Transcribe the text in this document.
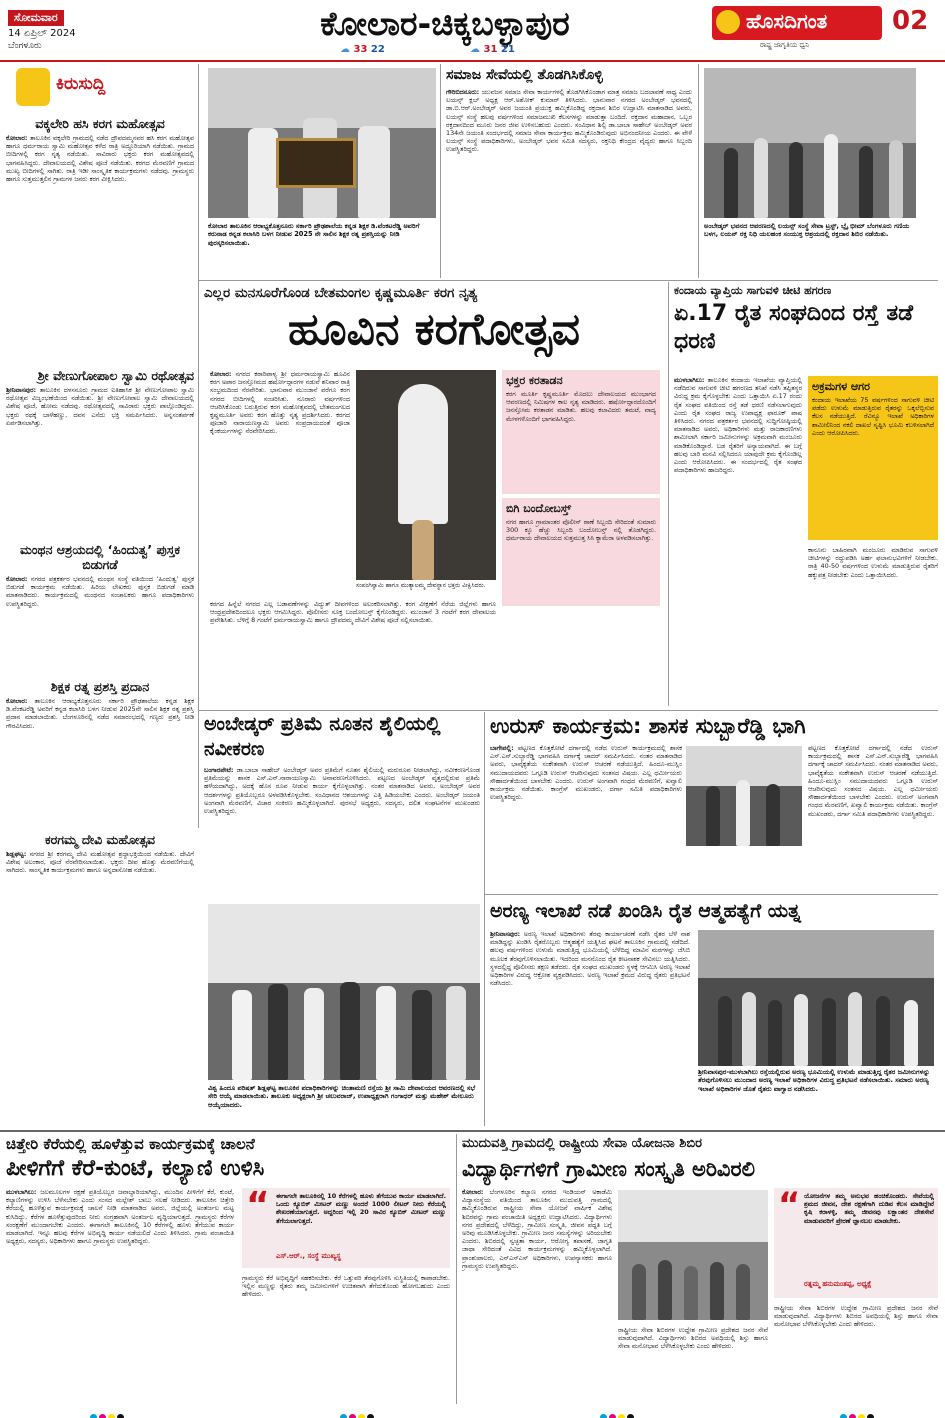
ಸೋಮವಾರ
14 ಏಪ್ರಿಲ್ 2024
ಬೆಂಗಳೂರು
ಕೋಲಾರ-ಚಿಕ್ಕಬಳ್ಳಾಪುರ
☁ 33 22	☁ 31 21
ಹೊಸದಿಗಂತ
ರಾಷ್ಟ್ರ ಜಾಗೃತಿಯ ಧ್ವನಿ
02
ಕಿರುಸುದ್ದಿ
ವಕ್ಕಲೇರಿ ಹಸಿ ಕರಗ ಮಹೋತ್ಸವ
ಕೋಲಾರ: ತಾಲೂಕಿನ ವಕ್ಕಲೇರಿ ಗ್ರಾಮದಲ್ಲಿ ನಡೆದ ದ್ರೌಪದಮ್ಮನವರ ಹಸಿ ಕರಗ ಮಹೋತ್ಸವ ಹಾಗೂ ಧರ್ಮರಾಯ ಸ್ವಾಮಿ ಮಹೋತ್ಸವ ಕಳೆದ ರಾತ್ರಿ ಅದ್ಧೂರಿಯಾಗಿ ನಡೆಯಿತು. ಗ್ರಾಮದ ಬೀದಿಗಳಲ್ಲಿ ಕರಗ ನೃತ್ಯ ನಡೆಯಿತು. ಸಾವಿರಾರು ಭಕ್ತರು ಕರಗ ಮಹೋತ್ಸವದಲ್ಲಿ ಭಾಗವಹಿಸಿದ್ದರು. ದೇವಾಲಯದಲ್ಲಿ ವಿಶೇಷ ಪೂಜೆ ನಡೆಯಿತು. ಕರಗದ ಮೆರವಣಿಗೆ ಗ್ರಾಮದ ಮುಖ್ಯ ಬೀದಿಗಳಲ್ಲಿ ಸಾಗಿತು. ರಾತ್ರಿ ಇಡೀ ಸಾಂಸ್ಕೃತಿಕ ಕಾರ್ಯಕ್ರಮಗಳು ನಡೆದವು. ಗ್ರಾಮಸ್ಥರು ಹಾಗೂ ಸುತ್ತಮುತ್ತಲಿನ ಗ್ರಾಮಗಳ ಜನರು ಕರಗ ವೀಕ್ಷಿಸಿದರು.
ಶ್ರೀ ವೇಣುಗೋಪಾಲ ಸ್ವಾಮಿ ರಥೋತ್ಸವ
ಶ್ರೀನಿವಾಸಪುರ: ತಾಲೂಕಿನ ದಳಸನೂರು ಗ್ರಾಮದ ಐತಿಹಾಸಿಕ ಶ್ರೀ ವೇಣುಗೋಪಾಲ ಸ್ವಾಮಿ ರಥೋತ್ಸವ ವಿಜೃಂಭಣೆಯಿಂದ ನಡೆಯಿತು. ಶ್ರೀ ವೇಣುಗೋಪಾಲ ಸ್ವಾಮಿ ದೇವಾಲಯದಲ್ಲಿ ವಿಶೇಷ ಪೂಜೆ, ಹೋಮ ನಡೆದವು. ರಥೋತ್ಸವದಲ್ಲಿ ಸಾವಿರಾರು ಭಕ್ತರು ಪಾಲ್ಗೊಂಡಿದ್ದರು. ಭಕ್ತರು ರಥಕ್ಕೆ ಬಾಳೆಹಣ್ಣು, ದವನ ಎಸೆದು ಭಕ್ತಿ ಸಮರ್ಪಿಸಿದರು. ಅನ್ನಸಂತರ್ಪಣೆ ಏರ್ಪಡಿಸಲಾಗಿತ್ತು.
ಮಂಥನ ಆಶ್ರಯದಲ್ಲಿ ‘ಹಿಂದುತ್ವ’ ಪುಸ್ತಕ ಬಿಡುಗಡೆ
ಕೋಲಾರ: ನಗರದ ಪತ್ರಕರ್ತರ ಭವನದಲ್ಲಿ ಮಂಥನ ಸಂಸ್ಥೆ ವತಿಯಿಂದ ‘ಹಿಂದುತ್ವ’ ಪುಸ್ತಕ ಬಿಡುಗಡೆ ಕಾರ್ಯಕ್ರಮ ನಡೆಯಿತು. ಹಿರಿಯ ಲೇಖಕರು ಪುಸ್ತಕ ಬಿಡುಗಡೆ ಮಾಡಿ ಮಾತನಾಡಿದರು. ಕಾರ್ಯಕ್ರಮದಲ್ಲಿ ಮಂಥನದ ಸಂಚಾಲಕರು ಹಾಗೂ ಪದಾಧಿಕಾರಿಗಳು ಉಪಸ್ಥಿತರಿದ್ದರು.
ಶಿಕ್ಷಕ ರತ್ನ ಪ್ರಶಸ್ತಿ ಪ್ರದಾನ
ಕೋಲಾರ: ತಾಲೂಕಿನ ಆರಾಭ್ಯಕೊತ್ತನೂರು ಸರ್ಕಾರಿ ಪ್ರೌಢಶಾಲೆಯ ಕನ್ನಡ ಶಿಕ್ಷಕ ಡಿ.ವೆಂಕಟರೆಡ್ಡಿ ಅವರಿಗೆ ಕನ್ನಡ ಕಲಾಸಿರಿ ಬಳಗ ನೀಡುವ 2025ನೇ ಸಾಲಿನ ಶಿಕ್ಷಕ ರತ್ನ ಪ್ರಶಸ್ತಿ ಪ್ರದಾನ ಮಾಡಲಾಯಿತು. ಬೆಂಗಳೂರಿನಲ್ಲಿ ನಡೆದ ಸಮಾರಂಭದಲ್ಲಿ ಗಣ್ಯರು ಪ್ರಶಸ್ತಿ ನೀಡಿ ಗೌರವಿಸಿದರು.
ಕರಗಮ್ಮ ದೇವಿ ಮಹೋತ್ಸವ
ಶಿಡ್ಲಘಟ್ಟ: ನಗರದ ಶ್ರೀ ಕರಗಮ್ಮ ದೇವಿ ಮಹೋತ್ಸವ ಶ್ರದ್ಧಾಭಕ್ತಿಯಿಂದ ನಡೆಯಿತು. ದೇವಿಗೆ ವಿಶೇಷ ಅಲಂಕಾರ, ಪೂಜೆ ನೆರವೇರಿಸಲಾಯಿತು. ಭಕ್ತರು ದೀಪ ಹೊತ್ತು ಮೆರವಣಿಗೆಯಲ್ಲಿ ಸಾಗಿದರು. ಸಾಂಸ್ಕೃತಿಕ ಕಾರ್ಯಕ್ರಮಗಳು ಹಾಗೂ ಅನ್ನದಾಸೋಹ ನಡೆಯಿತು.
ಕೋಲಾರ ತಾಲೂಕಿನ ಆರಾಭ್ಯಕೊತ್ತನೂರು ಸರ್ಕಾರಿ ಪ್ರೌಢಶಾಲೆಯ ಕನ್ನಡ ಶಿಕ್ಷಕ ಡಿ.ವೆಂಕಟರೆಡ್ಡಿ ಅವರಿಗೆ ಕರುನಾಡ ಕನ್ನಡ ಕಲಾಸಿರಿ ಬಳಗ ನೀಡುವ 2025 ನೇ ಸಾಲಿನ ಶಿಕ್ಷಕ ರತ್ನ ಪ್ರಶಸ್ತಿಯನ್ನು ನೀಡಿ ಪುರಸ್ಕರಿಸಲಾಯಿತು.
ಸಮಾಜ ಸೇವೆಯಲ್ಲಿ ತೊಡಗಿಸಿಕೊಳ್ಳಿ
ಗೌರಿಬಿದನೂರು: ಯುವಜನ ಸಮಾಜ ಸೇವಾ ಕಾರ್ಯಗಳಲ್ಲಿ ತೊಡಗಿಸಿಕೊಂಡಾಗ ಮಾತ್ರ ಸಮಾಜ ಬದಲಾವಣೆ ಸಾಧ್ಯ ಎಂದು ಲಯನ್ಸ್ ಕ್ಲಬ್ ಅಧ್ಯಕ್ಷ ಆರ್.ಅಶೋಕ್ ಕುಮಾರ್ ತಿಳಿಸಿದರು. ಭಾನುವಾರ ನಗರದ ಅಂಬೇಡ್ಕರ್ ಭವನದಲ್ಲಿ ಡಾ.ಬಿ.ಆರ್.ಅಂಬೇಡ್ಕರ್ ಅವರ ಜಯಂತಿ ಪ್ರಯುಕ್ತ ಹಮ್ಮಿಕೊಂಡಿದ್ದ ರಕ್ತದಾನ ಶಿಬಿರ ಉದ್ಘಾಟಿಸಿ ಮಾತನಾಡಿದ ಅವರು, ಲಯನ್ಸ್ ಸಂಸ್ಥೆ ಹಲವು ವರ್ಷಗಳಿಂದ ಸಮಾಜಮುಖಿ ಕೆಲಸಗಳನ್ನು ಮಾಡುತ್ತಾ ಬಂದಿದೆ. ರಕ್ತದಾನ ಮಹಾದಾನ, ಒಬ್ಬರ ರಕ್ತದಾನದಿಂದ ಮೂರು ಜನರ ಜೀವ ಉಳಿಸಬಹುದು ಎಂದರು. ಸಂವಿಧಾನ ಶಿಲ್ಪಿ ಡಾ.ಬಾಬಾ ಸಾಹೇಬ್ ಅಂಬೇಡ್ಕರ್ ಅವರ 134ನೇ ಜಯಂತಿ ಸಂದರ್ಭದಲ್ಲಿ ಸಮಾಜ ಸೇವಾ ಕಾರ್ಯಕ್ರಮ ಹಮ್ಮಿಕೊಂಡಿರುವುದು ಅಭಿನಂದನೀಯ ಎಂದರು. ಈ ವೇಳೆ ಲಯನ್ಸ್ ಸಂಸ್ಥೆ ಪದಾಧಿಕಾರಿಗಳು, ಅಂಬೇಡ್ಕರ್ ಭವನ ಸಮಿತಿ ಸದಸ್ಯರು, ರಕ್ತನಿಧಿ ಕೇಂದ್ರದ ವೈದ್ಯರು ಹಾಗೂ ಸಿಬ್ಬಂದಿ ಉಪಸ್ಥಿತರಿದ್ದರು.
ಅಂಬೇಡ್ಕರ್ ಭವನದ ಆವರಣದಲ್ಲಿ ಲಯನ್ಸ್ ಸಂಸ್ಥೆ ಸೇವಾ ಟ್ರಸ್ಟ್, ಬ್ಲೈ ಭೀಮ್ ಬೆಂಗಳೂರು ಗಣಿಯ ಬಳಗ, ಲಯನ್ ರಕ್ತ ನಿಧಿ ಯಲಹಂಕ ಸಂಯುಕ್ತ ಆಶ್ರಯದಲ್ಲಿ ರಕ್ತದಾನ ಶಿಬಿರ ನಡೆಯಿತು.
ಎಲ್ಲರ ಮನಸೂರೆಗೊಂಡ ಬೇತಮಂಗಲ ಕೃಷ್ಣಮೂರ್ತಿ ಕರಗ ನೃತ್ಯ
ಹೂವಿನ ಕರಗೋತ್ಸವ
ಕೋಲಾರ: ನಗರದ ಕಠಾರಿಪಾಳ್ಯ ಶ್ರೀ ಧರ್ಮರಾಯಸ್ವಾಮಿ ಹೂವಿನ ಕರಗ ಅಪಾರ ಜನಸ್ತೋಮದ ಹರ್ಷೋದ್ಗಾರಗಳ ನಡುವೆ ಶನಿವಾರ ರಾತ್ರಿ ಸಂಭ್ರಮದಿಂದ ನೆರವೇರಿತು. ಭಾನುವಾರ ಮುಂಜಾನೆ ವರೆಗೂ ಕರಗ ನಗರದ ಬೀದಿಗಳಲ್ಲಿ ಸಂಚರಿಸಿತು. ನೂರಾರು ವರ್ಷಗಳಿಂದ ಆಚರಿಸಿಕೊಂಡು ಬರುತ್ತಿರುವ ಕರಗ ಮಹೋತ್ಸವದಲ್ಲಿ ಬೇತಮಂಗಲದ ಕೃಷ್ಣಮೂರ್ತಿ ಅವರು ಕರಗ ಹೊತ್ತು ನೃತ್ಯ ಪ್ರದರ್ಶಿಸಿದರು. ಕರಗದ ಪೂಜಾರಿ ನಾರಾಯಣಸ್ವಾಮಿ ಅವರು ಸಂಪ್ರದಾಯದಂತೆ ಪೂಜಾ ಕೈಂಕರ್ಯಗಳನ್ನು ನೆರವೇರಿಸಿದರು.
ಸಂಪಂಗಿಸ್ವಾಮಿ ಹಾಗೂ ಮುತ್ಯಾಲಮ್ಮ ದೇವಸ್ಥಾನ ಭಕ್ತರು ವೀಕ್ಷಿಸಿದರು.
ಕರಗದ ಹಿನ್ನೆಲೆ ನಗರದ ಎಲ್ಲ ಬಡಾವಣೆಗಳನ್ನು ವಿದ್ಯುತ್ ದೀಪಗಳಿಂದ ಅಲಂಕರಿಸಲಾಗಿತ್ತು. ಕರಗ ವೀಕ್ಷಣೆಗೆ ನೆರೆಯ ಜಿಲ್ಲೆಗಳು ಹಾಗೂ ಆಂಧ್ರಪ್ರದೇಶದಿಂದಲೂ ಭಕ್ತರು ಆಗಮಿಸಿದ್ದರು. ಪೊಲೀಸರು ಸೂಕ್ತ ಬಂದೋಬಸ್ತ್ ಕೈಗೊಂಡಿದ್ದರು. ಮುಂಜಾನೆ 3 ಗಂಟೆಗೆ ಕರಗ ದೇವಾಲಯ ಪ್ರವೇಶಿಸಿತು. ಬೆಳಿಗ್ಗೆ 8 ಗಂಟೆಗೆ ಧರ್ಮರಾಯಸ್ವಾಮಿ ಹಾಗೂ ದ್ರೌಪದಮ್ಮ ದೇವಿಗೆ ವಿಶೇಷ ಪೂಜೆ ಸಲ್ಲಿಸಲಾಯಿತು.
ಭಕ್ತರ ಕರತಾಡನ
ಕರಗ ಮೂರ್ತಿ ಕೃಷ್ಣಮೂರ್ತಿ ಮೊದಲು ದೇವಾಲಯದ ಮುಂಭಾಗದ ಆವರಣದಲ್ಲಿ ನಿಮಿಷಗಳ ಕಾಲ ನೃತ್ಯ ಮಾಡಿದರು. ಹರ್ಷೋದ್ಗಾರದೊಂದಿಗೆ ಜನಸ್ತೋಮ ಕರತಾಡನ ಮಾಡಿತು. ಹಲವು ಕಲಾವಿದರು ತಮಟೆ, ವಾದ್ಯ ಮೇಳಗಳೊಂದಿಗೆ ಭಾಗವಹಿಸಿದ್ದರು.
ಬಿಗಿ ಬಂದೋಬಸ್ತ್
ನಗರ ಹಾಗೂ ಗ್ರಾಮಾಂತರ ಪೊಲೀಸ್ ಠಾಣೆ ಸಿಬ್ಬಂದಿ ಸೇರಿದಂತೆ ಸುಮಾರು 300 ಕ್ಕೂ ಹೆಚ್ಚು ಸಿಬ್ಬಂದಿ ಬಂದೋಬಸ್ತ್ ನಲ್ಲಿ ತೊಡಗಿದ್ದರು. ಧರ್ಮರಾಯ ದೇವಾಲಯದ ಸುತ್ತಮುತ್ತ ಸಿಸಿ ಕ್ಯಾಮೆರಾ ಅಳವಡಿಸಲಾಗಿತ್ತು.
ಕಂದಾಯ ವ್ಯಾಪ್ತಿಯ ಸಾಗುವಳಿ ಚೀಟಿ ಹಗರಣ
ಏ.17 ರೈತ ಸಂಘದಿಂದ ರಸ್ತೆ ತಡೆ ಧರಣಿ
ಮುಳಬಾಗಿಲು: ತಾಲೂಕಿನ ಕಂದಾಯ ಇಲಾಖೆಯ ವ್ಯಾಪ್ತಿಯಲ್ಲಿ ನಡೆದಿರುವ ಸಾಗುವಳಿ ಚೀಟಿ ಹಗರಣದ ತನಿಖೆ ನಡೆಸಿ ತಪ್ಪಿತಸ್ಥರ ವಿರುದ್ಧ ಕ್ರಮ ಕೈಗೊಳ್ಳಬೇಕು ಎಂದು ಒತ್ತಾಯಿಸಿ ಏ.17 ರಂದು ರೈತ ಸಂಘದ ವತಿಯಿಂದ ರಸ್ತೆ ತಡೆ ಧರಣಿ ನಡೆಸಲಾಗುವುದು ಎಂದು ರೈತ ಸಂಘದ ರಾಜ್ಯ ಉಪಾಧ್ಯಕ್ಷ ಫಾರೂಕ್ ಪಾಷ ತಿಳಿಸಿದರು. ನಗರದ ಪತ್ರಕರ್ತರ ಭವನದಲ್ಲಿ ಸುದ್ದಿಗೋಷ್ಠಿಯಲ್ಲಿ ಮಾತನಾಡಿದ ಅವರು, ಅಧಿಕಾರಿಗಳು ಮತ್ತು ರಾಜಕಾರಣಿಗಳು ಶಾಮೀಲಾಗಿ ಸರ್ಕಾರಿ ಜಮೀನುಗಳನ್ನು ಅಕ್ರಮವಾಗಿ ಮಂಜೂರು ಮಾಡಿಕೊಂಡಿದ್ದಾರೆ. ಬಡ ರೈತರಿಗೆ ಅನ್ಯಾಯವಾಗಿದೆ. ಈ ಬಗ್ಗೆ ಹಲವು ಬಾರಿ ಮನವಿ ಸಲ್ಲಿಸಿದರೂ ಯಾವುದೇ ಕ್ರಮ ಕೈಗೊಂಡಿಲ್ಲ ಎಂದು ಆರೋಪಿಸಿದರು. ಈ ಸಂದರ್ಭದಲ್ಲಿ ರೈತ ಸಂಘದ ಪದಾಧಿಕಾರಿಗಳು ಹಾಜರಿದ್ದರು.
ಅಕ್ರಮಗಳ ಆಗರ
ಕಂದಾಯ ಇಲಾಖೆಯ 75 ವರ್ಷಗಳಿಂದ ಸಾಗುವಳಿ ಚೀಟಿ ಪಡೆದು ಉಳುಮೆ ಮಾಡುತ್ತಿರುವ ರೈತರನ್ನು ಒಕ್ಕಲೆಬ್ಬಿಸುವ ಕೆಲಸ ನಡೆಯುತ್ತಿದೆ. ರೆವಿನ್ಯೂ ಇಲಾಖೆ ಅಧಿಕಾರಿಗಳ ಶಾಮೀಲಿನಿಂದ ನಕಲಿ ದಾಖಲೆ ಸೃಷ್ಟಿಸಿ ಭೂಮಿ ಕಬಳಿಸಲಾಗಿದೆ ಎಂದು ಆರೋಪಿಸಿದರು.
ಕಾನೂನು ಬಾಹಿರವಾಗಿ ಮಂಜೂರು ಮಾಡಿರುವ ಸಾಗುವಳಿ ಚೀಟಿಗಳನ್ನು ರದ್ದುಪಡಿಸಿ ಅರ್ಹ ಫಲಾನುಭವಿಗಳಿಗೆ ನೀಡಬೇಕು. ರಾತ್ರಿ 40-50 ವರ್ಷಗಳಿಂದ ಉಳುಮೆ ಮಾಡುತ್ತಿರುವ ರೈತರಿಗೆ ಹಕ್ಕುಪತ್ರ ನೀಡಬೇಕು ಎಂದು ಒತ್ತಾಯಿಸಿದರು.
ಅಂಬೇಡ್ಕರ್ ಪ್ರತಿಮೆ ನೂತನ ಶೈಲಿಯಲ್ಲಿ ನವೀಕರಣ
ಬಂಗಾರಪೇಟೆ: ಡಾ.ಬಾಬಾ ಸಾಹೇಬ್ ಅಂಬೇಡ್ಕರ್ ಅವರ ಪ್ರತಿಮೆಗೆ ನೂತನ ಶೈಲಿಯಲ್ಲಿ ಮರುರೂಪ ನೀಡಲಾಗಿದ್ದು, ನವೀಕರಣಗೊಂಡ ಪ್ರತಿಮೆಯನ್ನು ಶಾಸಕ ಎಸ್.ಎನ್.ನಾರಾಯಣಸ್ವಾಮಿ ಅನಾವರಣಗೊಳಿಸಿದರು. ಪಟ್ಟಣದ ಅಂಬೇಡ್ಕರ್ ವೃತ್ತದಲ್ಲಿರುವ ಪ್ರತಿಮೆ ಹಳೆಯದಾಗಿದ್ದು, ಅದಕ್ಕೆ ಹೊಸ ರೂಪ ನೀಡುವ ಕಾರ್ಯ ಕೈಗೊಳ್ಳಲಾಗಿತ್ತು. ನಂತರ ಮಾತನಾಡಿದ ಅವರು, ಅಂಬೇಡ್ಕರ್ ಅವರ ಆದರ್ಶಗಳನ್ನು ಪ್ರತಿಯೊಬ್ಬರೂ ಅಳವಡಿಸಿಕೊಳ್ಳಬೇಕು. ಸಂವಿಧಾನದ ಆಶಯಗಳನ್ನು ಎತ್ತಿ ಹಿಡಿಯಬೇಕು ಎಂದರು. ಅಂಬೇಡ್ಕರ್ ಜಯಂತಿ ಅಂಗವಾಗಿ ಮೆರವಣಿಗೆ, ವಿಚಾರ ಸಂಕಿರಣ ಹಮ್ಮಿಕೊಳ್ಳಲಾಗಿದೆ. ಪುರಸಭೆ ಅಧ್ಯಕ್ಷರು, ಸದಸ್ಯರು, ದಲಿತ ಸಂಘಟನೆಗಳ ಮುಖಂಡರು ಉಪಸ್ಥಿತರಿದ್ದರು.
ವಿಶ್ವ ಹಿಂದೂ ಪರಿಷತ್ ಶಿಡ್ಲಘಟ್ಟ ತಾಲೂಕಿನ ಪದಾಧಿಕಾರಿಗಳನ್ನು ಚಿಂತಾಮಣಿ ರಸ್ತೆಯ ಶ್ರೀ ಸಾಮಿ ದೇವಾಲಯದ ಆವರಣದಲ್ಲಿ ಸಭೆ ಸೇರಿ ಆಯ್ಕೆ ಮಾಡಲಾಯಿತು. ತಾಲೂಕು ಅಧ್ಯಕ್ಷರಾಗಿ ಶ್ರೀ ಚಲುವರಾಜ್, ಉಪಾಧ್ಯಕ್ಷರಾಗಿ ಗಂಗಾಧರ್ ಮತ್ತು ಮಹೇಶ್ ಮೇಲೂರು ಆಯ್ಕೆಯಾದರು.
ಉರುಸ್ ಕಾರ್ಯಕ್ರಮ: ಶಾಸಕ ಸುಬ್ಬಾರೆಡ್ಡಿ ಭಾಗಿ
ಬಾಗೇಪಲ್ಲಿ: ಪಟ್ಟಣದ ಕೊತ್ತಕೋಟೆ ದರ್ಗಾದಲ್ಲಿ ನಡೆದ ಉರುಸ್ ಕಾರ್ಯಕ್ರಮದಲ್ಲಿ ಶಾಸಕ ಎಸ್.ಎನ್.ಸುಬ್ಬಾರೆಡ್ಡಿ ಭಾಗವಹಿಸಿ ದರ್ಗಾಕ್ಕೆ ಚಾದರ್ ಸಮರ್ಪಿಸಿದರು. ನಂತರ ಮಾತನಾಡಿದ ಅವರು, ಭಾವೈಕ್ಯತೆಯ ಸಂಕೇತವಾಗಿ ಉರುಸ್ ಆಚರಣೆ ನಡೆಯುತ್ತಿದೆ. ಹಿಂದೂ-ಮುಸ್ಲಿಂ ಸಮುದಾಯದವರು ಒಗ್ಗೂಡಿ ಉರುಸ್ ಆಚರಿಸುವುದು ಸಂತಸದ ವಿಷಯ. ಎಲ್ಲ ಧರ್ಮೀಯರು ಸೌಹಾರ್ದತೆಯಿಂದ ಬಾಳಬೇಕು ಎಂದರು. ಉರುಸ್ ಅಂಗವಾಗಿ ಗಂಧದ ಮೆರವಣಿಗೆ, ಖವ್ವಾಲಿ ಕಾರ್ಯಕ್ರಮ ನಡೆಯಿತು. ಕಾಂಗ್ರೆಸ್ ಮುಖಂಡರು, ದರ್ಗಾ ಸಮಿತಿ ಪದಾಧಿಕಾರಿಗಳು ಉಪಸ್ಥಿತರಿದ್ದರು.
ಪಟ್ಟಣದ ಕೊತ್ತಕೋಟೆ ದರ್ಗಾದಲ್ಲಿ ನಡೆದ ಉರುಸ್ ಕಾರ್ಯಕ್ರಮದಲ್ಲಿ ಶಾಸಕ ಎಸ್.ಎನ್.ಸುಬ್ಬಾರೆಡ್ಡಿ ಭಾಗವಹಿಸಿ ದರ್ಗಾಕ್ಕೆ ಚಾದರ್ ಸಮರ್ಪಿಸಿದರು. ನಂತರ ಮಾತನಾಡಿದ ಅವರು, ಭಾವೈಕ್ಯತೆಯ ಸಂಕೇತವಾಗಿ ಉರುಸ್ ಆಚರಣೆ ನಡೆಯುತ್ತಿದೆ. ಹಿಂದೂ-ಮುಸ್ಲಿಂ ಸಮುದಾಯದವರು ಒಗ್ಗೂಡಿ ಉರುಸ್ ಆಚರಿಸುವುದು ಸಂತಸದ ವಿಷಯ. ಎಲ್ಲ ಧರ್ಮೀಯರು ಸೌಹಾರ್ದತೆಯಿಂದ ಬಾಳಬೇಕು ಎಂದರು. ಉರುಸ್ ಅಂಗವಾಗಿ ಗಂಧದ ಮೆರವಣಿಗೆ, ಖವ್ವಾಲಿ ಕಾರ್ಯಕ್ರಮ ನಡೆಯಿತು. ಕಾಂಗ್ರೆಸ್ ಮುಖಂಡರು, ದರ್ಗಾ ಸಮಿತಿ ಪದಾಧಿಕಾರಿಗಳು ಉಪಸ್ಥಿತರಿದ್ದರು.
ಅರಣ್ಯ ಇಲಾಖೆ ನಡೆ ಖಂಡಿಸಿ ರೈತ ಆತ್ಮಹತ್ಯೆಗೆ ಯತ್ನ
ಶ್ರೀನಿವಾಸಪುರ: ಅರಣ್ಯ ಇಲಾಖೆ ಅಧಿಕಾರಿಗಳು ತೆರವು ಕಾರ್ಯಾಚರಣೆ ನಡೆಸಿ ರೈತರ ಬೆಳೆ ನಾಶ ಮಾಡಿದ್ದನ್ನು ಖಂಡಿಸಿ ರೈತರೊಬ್ಬರು ಆತ್ಮಹತ್ಯೆಗೆ ಯತ್ನಿಸಿದ ಘಟನೆ ತಾಲೂಕಿನ ಗ್ರಾಮದಲ್ಲಿ ನಡೆದಿದೆ. ಹಲವು ವರ್ಷಗಳಿಂದ ಉಳುಮೆ ಮಾಡುತ್ತಿದ್ದ ಭೂಮಿಯಲ್ಲಿ ಬೆಳೆದಿದ್ದ ಮಾವಿನ ಮರಗಳನ್ನು ಜೆಸಿಬಿ ಮೂಲಕ ತೆರವುಗೊಳಿಸಲಾಯಿತು. ಇದರಿಂದ ಮನನೊಂದ ರೈತ ಕೀಟನಾಶಕ ಸೇವಿಸಲು ಯತ್ನಿಸಿದರು. ಸ್ಥಳದಲ್ಲಿದ್ದ ಪೊಲೀಸರು ತಕ್ಷಣ ತಡೆದರು. ರೈತ ಸಂಘದ ಮುಖಂಡರು ಸ್ಥಳಕ್ಕೆ ಆಗಮಿಸಿ ಅರಣ್ಯ ಇಲಾಖೆ ಅಧಿಕಾರಿಗಳ ವಿರುದ್ಧ ಆಕ್ರೋಶ ವ್ಯಕ್ತಪಡಿಸಿದರು. ಅರಣ್ಯ ಇಲಾಖೆ ಕ್ರಮದ ವಿರುದ್ಧ ರೈತರು ಪ್ರತಿಭಟನೆ ನಡೆಸಿದರು.
ಶ್ರೀನಿವಾಸಪುರ-ಮುಳಬಾಗಿಲು ರಸ್ತೆಯಲ್ಲಿರುವ ಅರಣ್ಯ ಭೂಮಿಯಲ್ಲಿ ಉಳುಮೆ ಮಾಡುತ್ತಿದ್ದ ರೈತರ ಜಮೀನುಗಳನ್ನು ತೆರವುಗೊಳಿಸಲು ಮುಂದಾದ ಅರಣ್ಯ ಇಲಾಖೆ ಅಧಿಕಾರಿಗಳ ವಿರುದ್ಧ ಪ್ರತಿಭಟನೆ ನಡೆಸಲಾಯಿತು. ಸಮಾರು ಅರಣ್ಯ ಇಲಾಖೆ ಅಧಿಕಾರಿಗಳ ಜೊತೆ ರೈತರು ವಾಗ್ವಾದ ನಡೆಸಿದರು.
ಚಿತ್ತೇರಿ ಕೆರೆಯಲ್ಲಿ ಹೂಳೆತ್ತುವ ಕಾರ್ಯಕ್ರಮಕ್ಕೆ ಚಾಲನೆ
ಪೀಳಿಗೆಗೆ ಕೆರೆ-ಕುಂಟೆ, ಕಲ್ಯಾಣಿ ಉಳಿಸಿ
ಮುಳಬಾಗಿಲು: ಜಲಮೂಲಗಳ ರಕ್ಷಣೆ ಪ್ರತಿಯೊಬ್ಬರ ಜವಾಬ್ದಾರಿಯಾಗಿದ್ದು, ಮುಂದಿನ ಪೀಳಿಗೆಗೆ ಕೆರೆ, ಕುಂಟೆ, ಕಲ್ಯಾಣಿಗಳನ್ನು ಉಳಿಸಿ ಬೆಳೆಸಬೇಕು ಎಂದು ಸಂಸದ ಮಲ್ಲೇಶ್ ಬಾಬು ಸಲಹೆ ನೀಡಿದರು. ತಾಲೂಕಿನ ಚಿತ್ತೇರಿ ಕೆರೆಯಲ್ಲಿ ಹೂಳೆತ್ತುವ ಕಾರ್ಯಕ್ರಮಕ್ಕೆ ಚಾಲನೆ ನೀಡಿ ಮಾತನಾಡಿದ ಅವರು, ಜಿಲ್ಲೆಯಲ್ಲಿ ಅಂತರ್ಜಲ ಮಟ್ಟ ಕುಸಿದಿದ್ದು, ಕೆರೆಗಳ ಹೂಳೆತ್ತುವುದರಿಂದ ನೀರು ಸಂಗ್ರಹವಾಗಿ ಅಂತರ್ಜಲ ವೃದ್ಧಿಯಾಗುತ್ತದೆ. ಗ್ರಾಮಸ್ಥರು ಕೆರೆಗಳ ಸಂರಕ್ಷಣೆಗೆ ಮುಂದಾಗಬೇಕು ಎಂದರು. ಈಗಾಗಲೇ ತಾಲೂಕಿನಲ್ಲಿ 10 ಕೆರೆಗಳಲ್ಲಿ ಹೂಳು ತೆಗೆಯುವ ಕಾರ್ಯ ಮಾಡಲಾಗಿದೆ. ಇನ್ನೂ ಹಲವು ಕೆರೆಗಳ ಅಭಿವೃದ್ಧಿ ಕಾರ್ಯ ನಡೆಯಲಿದೆ ಎಂದು ತಿಳಿಸಿದರು. ಗ್ರಾಮ ಪಂಚಾಯಿತಿ ಅಧ್ಯಕ್ಷರು, ಸದಸ್ಯರು, ಅಧಿಕಾರಿಗಳು ಹಾಗೂ ಗ್ರಾಮಸ್ಥರು ಉಪಸ್ಥಿತರಿದ್ದರು.
“ ಈಗಾಗಲೇ ತಾಲೂಕಿನಲ್ಲಿ 10 ಕೆರೆಗಳಲ್ಲಿ ಹೂಳು ತೆಗೆಯುವ ಕಾರ್ಯ ಮಾಡಲಾಗಿದೆ. ಒಂದು ಕ್ಯೂಬಿಕ್ ಮೀಟರ್ ಮಣ್ಣು ಅಂದರೆ 1000 ಲೀಟರ್ ನೀರು ಕೆರೆಯಲ್ಲಿ ಶೇಖರಣೆಯಾಗುತ್ತದೆ. ಅದ್ದರಿಂದ ಇಲ್ಲಿ 20 ಸಾವಿರ ಕ್ಯೂಬಿಕ್ ಮೀಟರ್ ಮಣ್ಣು ತೆಗೆಯಲಾಗುತ್ತದೆ.
ಎಸ್.ಆರ್., ಸಂಸ್ಥೆ ಮುಖ್ಯಸ್ಥ
ಗ್ರಾಮಸ್ಥರು ಕೆರೆ ಅಭಿವೃದ್ಧಿಗೆ ಸಹಕರಿಸಬೇಕು. ಕೆರೆ ಒತ್ತುವರಿ ತೆರವುಗೊಳಿಸಿ ಸುಸ್ಥಿತಿಯಲ್ಲಿ ಕಾಪಾಡಬೇಕು. ಇಲ್ಲಿನ ಮಣ್ಣನ್ನು ರೈತರು ತಮ್ಮ ಜಮೀನುಗಳಿಗೆ ಉಚಿತವಾಗಿ ತೆಗೆದುಕೊಂಡು ಹೋಗಬಹುದು ಎಂದು ಹೇಳಿದರು.
ಮುದುವತ್ತಿ ಗ್ರಾಮದಲ್ಲಿ ರಾಷ್ಟ್ರೀಯ ಸೇವಾ ಯೋಜನಾ ಶಿಬಿರ
ವಿದ್ಯಾರ್ಥಿಗಳಿಗೆ ಗ್ರಾಮೀಣ ಸಂಸ್ಕೃತಿ ಅರಿವಿರಲಿ
ಕೋಲಾರ: ಬೆಂಗಳೂರಿನ ಕಲ್ಯಾಣ ನಗರದ ಇಂಡಿಯನ್ ಅಕಾಡೆಮಿ ವಿದ್ಯಾಸಂಸ್ಥೆಯ ವತಿಯಿಂದ ತಾಲೂಕಿನ ಮುದುವತ್ತಿ ಗ್ರಾಮದಲ್ಲಿ ಹಮ್ಮಿಕೊಂಡಿರುವ ರಾಷ್ಟ್ರೀಯ ಸೇವಾ ಯೋಜನೆ ವಾರ್ಷಿಕ ವಿಶೇಷ ಶಿಬಿರವನ್ನು ಗ್ರಾಮ ಪಂಚಾಯಿತಿ ಅಧ್ಯಕ್ಷರು ಉದ್ಘಾಟಿಸಿದರು. ವಿದ್ಯಾರ್ಥಿಗಳು ನಗರ ಪ್ರದೇಶದಲ್ಲಿ ಬೆಳೆದಿದ್ದು, ಗ್ರಾಮೀಣ ಸಂಸ್ಕೃತಿ, ಜೀವನ ಪದ್ಧತಿ ಬಗ್ಗೆ ಅರಿವು ಮೂಡಿಸಿಕೊಳ್ಳಬೇಕು. ಗ್ರಾಮೀಣ ಜನರ ಸಮಸ್ಯೆಗಳನ್ನು ಅರಿಯಬೇಕು ಎಂದರು. ಶಿಬಿರದಲ್ಲಿ ಸ್ವಚ್ಛತಾ ಕಾರ್ಯ, ಆರೋಗ್ಯ ತಪಾಸಣೆ, ಜಾಗೃತಿ ಜಾಥಾ ಸೇರಿದಂತೆ ವಿವಿಧ ಕಾರ್ಯಕ್ರಮಗಳನ್ನು ಹಮ್ಮಿಕೊಳ್ಳಲಾಗಿದೆ. ಪ್ರಾಂಶುಪಾಲರು, ಎನ್‌ಎಸ್‌ಎಸ್ ಅಧಿಕಾರಿಗಳು, ಉಪನ್ಯಾಸಕರು ಹಾಗೂ ಗ್ರಾಮಸ್ಥರು ಉಪಸ್ಥಿತರಿದ್ದರು.
“ ಯೋಜನೆಗಳ ತಮ್ಮ ಅನುಭವ ಹಂಚಿಕೊಂಡರು. ಸೇವೆಯಲ್ಲಿ ಶ್ರಮದ ಜೀವನ, ದೇಶ ರಕ್ಷಣೆಗಾಗಿ ದುಡಿವ ಕೆಲಸ ಮಾಡಿದ್ದೇವೆ ಕೃಷಿ ಕರಾಳಳ್ಳಿ, ತಮ್ಮ ಜೀವನವು ಲಕ್ಷಾಂತರ ದೇಶಸೇವೆ ಮಾಡುವವರಿಗೆ ಪ್ರೇರಣೆ ಜ್ಞಾನಬಲ ಮಾಡಬೇಕು.
ರತ್ನಮ್ಮ ಹನುಮಂತಪ್ಪ, ಅಧ್ಯಕ್ಷೆ
ರಾಷ್ಟ್ರೀಯ ಸೇವಾ ಶಿಬಿರಗಳ ಉದ್ದೇಶ ಗ್ರಾಮೀಣ ಪ್ರದೇಶದ ಜನರ ಸೇವೆ ಮಾಡುವುದಾಗಿದೆ. ವಿದ್ಯಾರ್ಥಿಗಳು ಶಿಬಿರದ ಅವಧಿಯಲ್ಲಿ ಶಿಸ್ತು ಹಾಗೂ ಸೇವಾ ಮನೋಭಾವ ಬೆಳೆಸಿಕೊಳ್ಳಬೇಕು ಎಂದು ಹೇಳಿದರು.
ರಾಷ್ಟ್ರೀಯ ಸೇವಾ ಶಿಬಿರಗಳ ಉದ್ದೇಶ ಗ್ರಾಮೀಣ ಪ್ರದೇಶದ ಜನರ ಸೇವೆ ಮಾಡುವುದಾಗಿದೆ. ವಿದ್ಯಾರ್ಥಿಗಳು ಶಿಬಿರದ ಅವಧಿಯಲ್ಲಿ ಶಿಸ್ತು ಹಾಗೂ ಸೇವಾ ಮನೋಭಾವ ಬೆಳೆಸಿಕೊಳ್ಳಬೇಕು ಎಂದು ಹೇಳಿದರು.
